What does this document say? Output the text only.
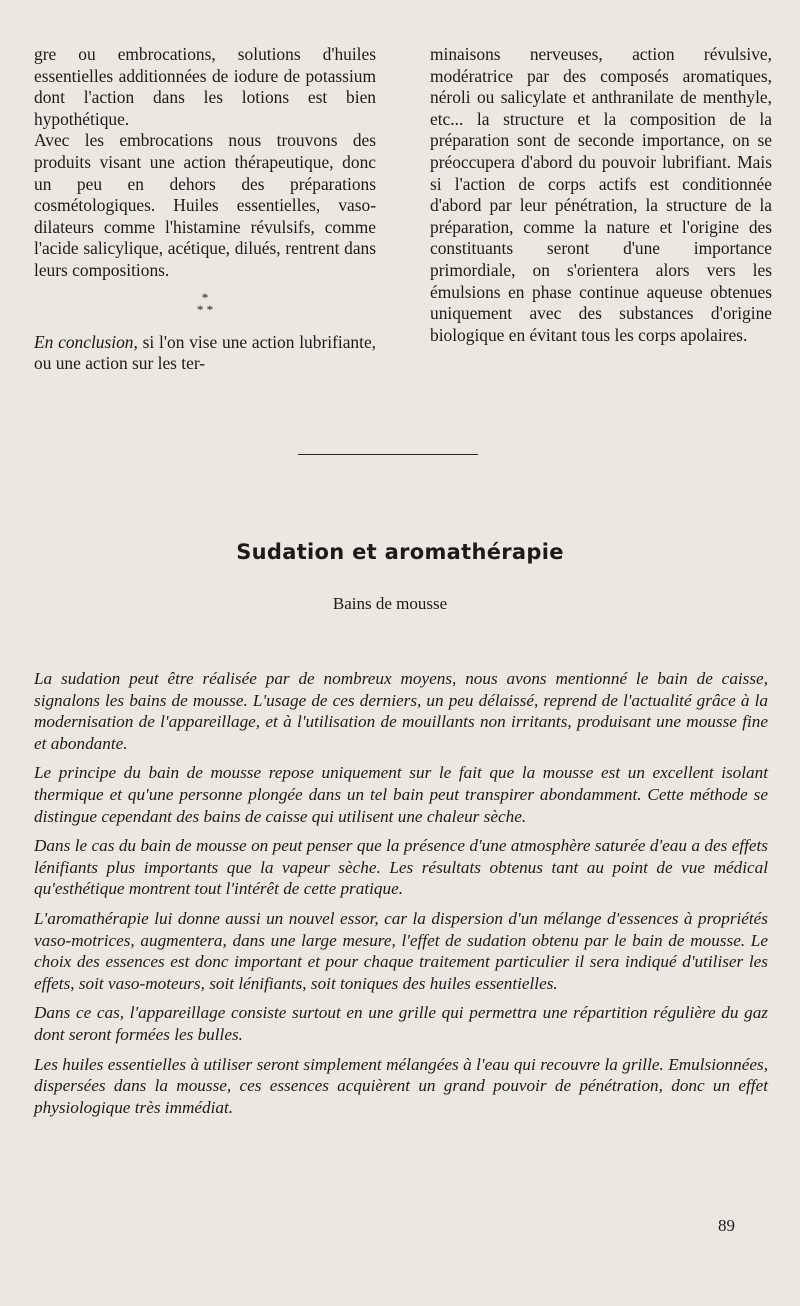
gre ou embrocations, solutions d'huiles essentielles additionnées de iodure de potassium dont l'action dans les lotions est bien hypothétique.

Avec les embrocations nous trouvons des produits visant une action thérapeutique, donc un peu en dehors des préparations cosmétologiques. Huiles essentielles, vaso-dilateurs comme l'histamine révulsifs, comme l'acide salicylique, acétique, dilués, rentrent dans leurs compositions.

*
* *

En conclusion, si l'on vise une action lubrifiante, ou une action sur les ter-

minaisons nerveuses, action révulsive, modératrice par des composés aromatiques, néroli ou salicylate et anthranilate de menthyle, etc... la structure et la composition de la préparation sont de seconde importance, on se préoccupera d'abord du pouvoir lubrifiant. Mais si l'action de corps actifs est conditionnée d'abord par leur pénétration, la structure de la préparation, comme la nature et l'origine des constituants seront d'une importance primordiale, on s'orientera alors vers les émulsions en phase continue aqueuse obtenues uniquement avec des substances d'origine biologique en évitant tous les corps apolaires.

Sudation et aromathérapie
Bains de mousse

La sudation peut être réalisée par de nombreux moyens, nous avons mentionné le bain de caisse, signalons les bains de mousse. L'usage de ces derniers, un peu délaissé, reprend de l'actualité grâce à la modernisation de l'appareillage, et à l'utilisation de mouillants non irritants, produisant une mousse fine et abondante.

Le principe du bain de mousse repose uniquement sur le fait que la mousse est un excellent isolant thermique et qu'une personne plongée dans un tel bain peut transpirer abondamment. Cette méthode se distingue cependant des bains de caisse qui utilisent une chaleur sèche.

Dans le cas du bain de mousse on peut penser que la présence d'une atmosphère saturée d'eau a des effets lénifiants plus importants que la vapeur sèche. Les résultats obtenus tant au point de vue médical qu'esthétique montrent tout l'intérêt de cette pratique.

L'aromathérapie lui donne aussi un nouvel essor, car la dispersion d'un mélange d'essences à propriétés vaso-motrices, augmentera, dans une large mesure, l'effet de sudation obtenu par le bain de mousse. Le choix des essences est donc important et pour chaque traitement particulier il sera indiqué d'utiliser les effets, soit vaso-moteurs, soit lénifiants, soit toniques des huiles essentielles.

Dans ce cas, l'appareillage consiste surtout en une grille qui permettra une répartition régulière du gaz dont seront formées les bulles.

Les huiles essentielles à utiliser seront simplement mélangées à l'eau qui recouvre la grille. Emulsionnées, dispersées dans la mousse, ces essences acquièrent un grand pouvoir de pénétration, donc un effet physiologique très immédiat.

89
